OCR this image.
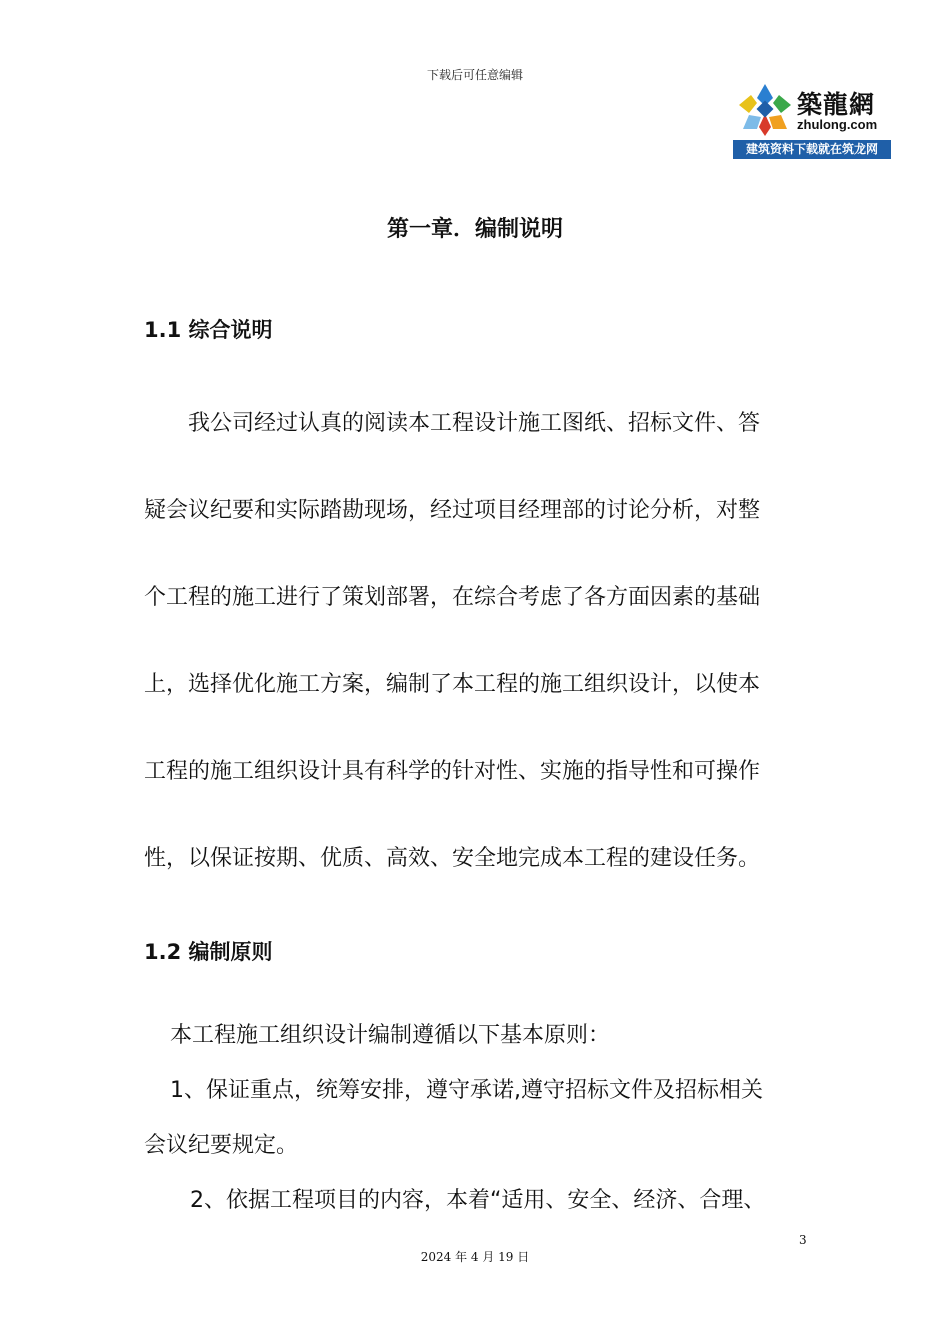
下载后可任意编辑
築龍網
zhulong.com
建筑资料下载就在筑龙网
第一章．编制说明
1.1 综合说明
我公司经过认真的阅读本工程设计施工图纸、招标文件、答
疑会议纪要和实际踏勘现场，经过项目经理部的讨论分析，对整
个工程的施工进行了策划部署，在综合考虑了各方面因素的基础
上，选择优化施工方案，编制了本工程的施工组织设计，以使本
工程的施工组织设计具有科学的针对性、实施的指导性和可操作
性，以保证按期、优质、高效、安全地完成本工程的建设任务。
1.2 编制原则
本工程施工组织设计编制遵循以下基本原则：
1、保证重点，统筹安排，遵守承诺,遵守招标文件及招标相关
会议纪要规定。
2、依据工程项目的内容，本着“适用、安全、经济、合理、
3
2024 年 4 月 19 日
